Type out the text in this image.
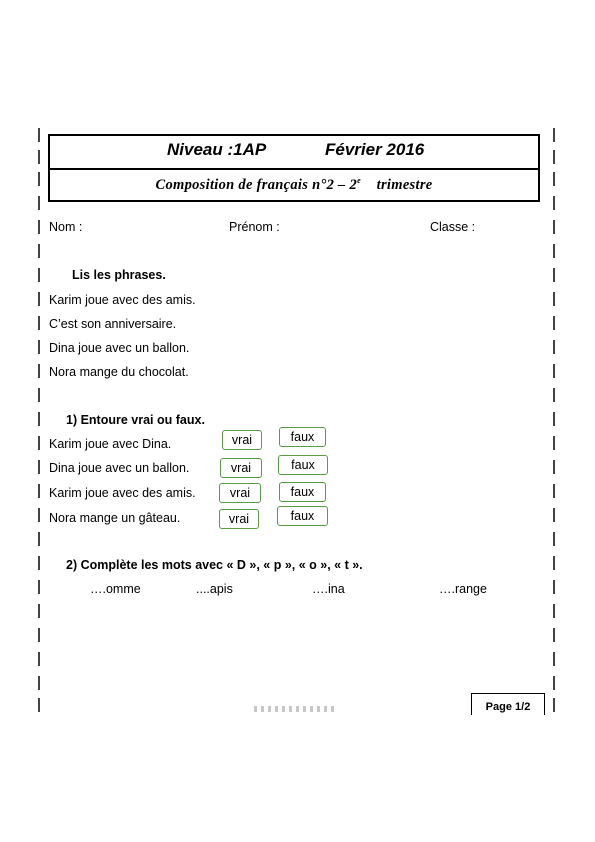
Niveau :1AP	Février 2016
Composition de français n°2 – 2e    trimestre
Nom :	Prénom :	Classe :
Lis les phrases.
Karim joue avec des amis.
C’est son anniversaire.
Dina joue avec un ballon.
Nora mange du chocolat.
1) Entoure vrai ou faux.
Karim joue avec Dina.	vrai	faux
Dina joue avec un ballon.	vrai	faux
Karim joue avec des amis.	vrai	faux
Nora mange un gâteau.	vrai	faux
2) Complète les mots avec « D », « p », « o », « t ».
….omme	....apis	….ina	….range
Page 1/2
